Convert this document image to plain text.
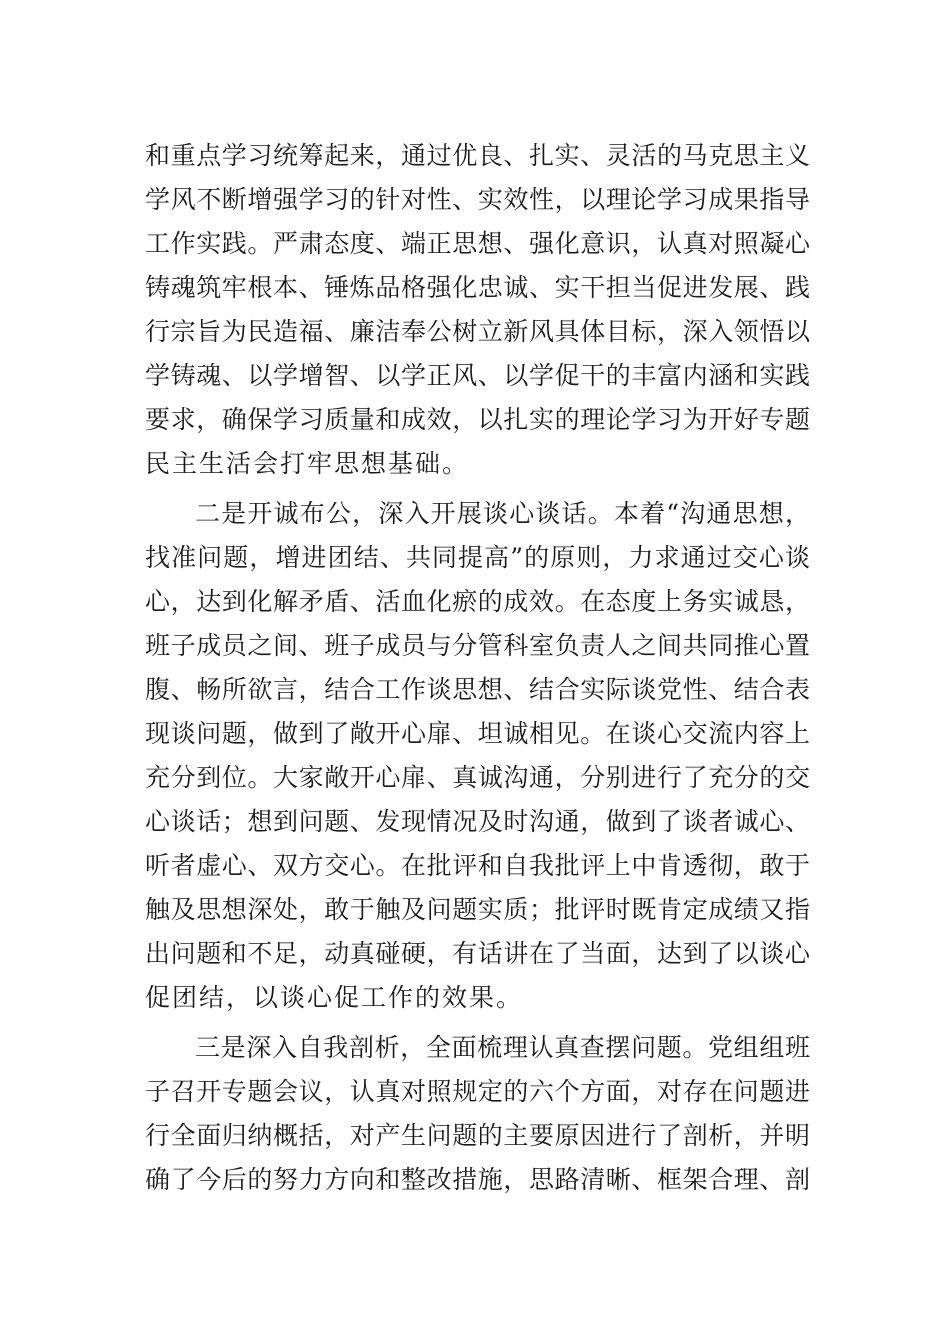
和重点学习统筹起来，通过优良、扎实、灵活的马克思主义
学风不断增强学习的针对性、实效性，以理论学习成果指导
工作实践。严肃态度、端正思想、强化意识，认真对照凝心
铸魂筑牢根本、锤炼品格强化忠诚、实干担当促进发展、践
行宗旨为民造福、廉洁奉公树立新风具体目标，深入领悟以
学铸魂、以学增智、以学正风、以学促干的丰富内涵和实践
要求，确保学习质量和成效，以扎实的理论学习为开好专题
民主生活会打牢思想基础。
二是开诚布公，深入开展谈心谈话。本着“沟通思想，
找准问题，增进团结、共同提高”的原则，力求通过交心谈
心，达到化解矛盾、活血化瘀的成效。在态度上务实诚恳，
班子成员之间、班子成员与分管科室负责人之间共同推心置
腹、畅所欲言，结合工作谈思想、结合实际谈党性、结合表
现谈问题，做到了敞开心扉、坦诚相见。在谈心交流内容上
充分到位。大家敞开心扉、真诚沟通，分别进行了充分的交
心谈话；想到问题、发现情况及时沟通，做到了谈者诚心、
听者虚心、双方交心。在批评和自我批评上中肯透彻，敢于
触及思想深处，敢于触及问题实质；批评时既肯定成绩又指
出问题和不足，动真碰硬，有话讲在了当面，达到了以谈心
促团结，以谈心促工作的效果。
三是深入自我剖析，全面梳理认真查摆问题。党组组班
子召开专题会议，认真对照规定的六个方面，对存在问题进
行全面归纳概括，对产生问题的主要原因进行了剖析，并明
确了今后的努力方向和整改措施，思路清晰、框架合理、剖
